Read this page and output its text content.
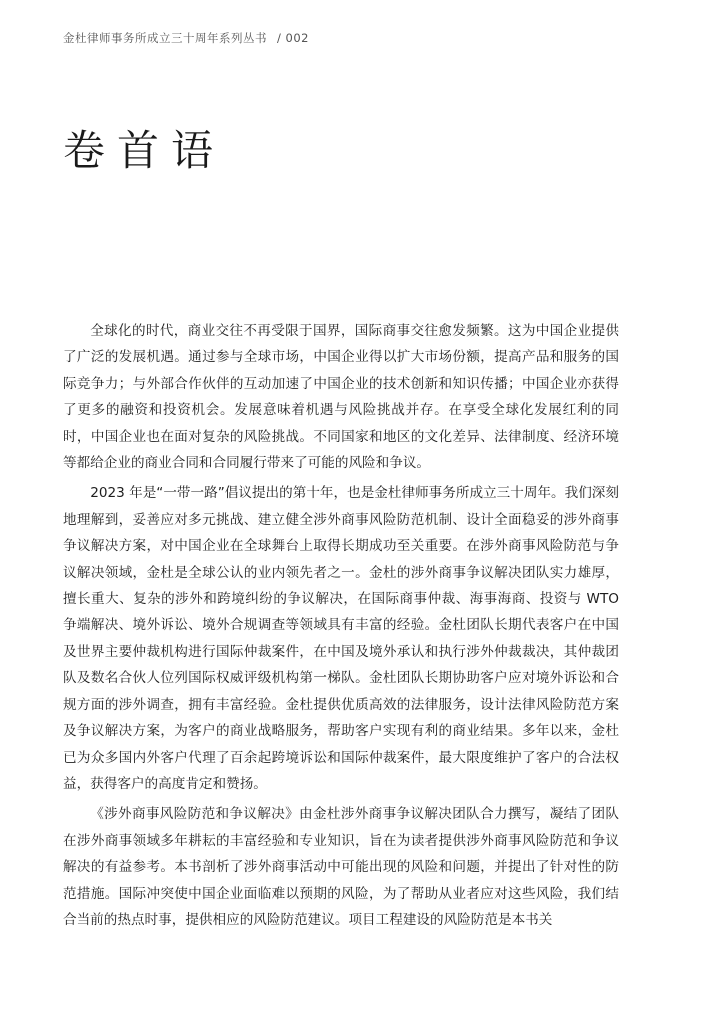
金杜律师事务所成立三十周年系列丛书 / 002
卷首语

全球化的时代，商业交往不再受限于国界，国际商事交往愈发频繁。这为中国企业提供了广泛的发展机遇。通过参与全球市场，中国企业得以扩大市场份额，提高产品和服务的国际竞争力；与外部合作伙伴的互动加速了中国企业的技术创新和知识传播；中国企业亦获得了更多的融资和投资机会。发展意味着机遇与风险挑战并存。在享受全球化发展红利的同时，中国企业也在面对复杂的风险挑战。不同国家和地区的文化差异、法律制度、经济环境等都给企业的商业合同和合同履行带来了可能的风险和争议。

2023 年是“一带一路”倡议提出的第十年，也是金杜律师事务所成立三十周年。我们深刻地理解到，妥善应对多元挑战、建立健全涉外商事风险防范机制、设计全面稳妥的涉外商事争议解决方案，对中国企业在全球舞台上取得长期成功至关重要。在涉外商事风险防范与争议解决领域，金杜是全球公认的业内领先者之一。金杜的涉外商事争议解决团队实力雄厚，擅长重大、复杂的涉外和跨境纠纷的争议解决，在国际商事仲裁、海事海商、投资与 WTO 争端解决、境外诉讼、境外合规调查等领域具有丰富的经验。金杜团队长期代表客户在中国及世界主要仲裁机构进行国际仲裁案件，在中国及境外承认和执行涉外仲裁裁决，其仲裁团队及数名合伙人位列国际权威评级机构第一梯队。金杜团队长期协助客户应对境外诉讼和合规方面的涉外调查，拥有丰富经验。金杜提供优质高效的法律服务，设计法律风险防范方案及争议解决方案，为客户的商业战略服务，帮助客户实现有利的商业结果。多年以来，金杜已为众多国内外客户代理了百余起跨境诉讼和国际仲裁案件，最大限度维护了客户的合法权益，获得客户的高度肯定和赞扬。

《涉外商事风险防范和争议解决》由金杜涉外商事争议解决团队合力撰写，凝结了团队在涉外商事领域多年耕耘的丰富经验和专业知识，旨在为读者提供涉外商事风险防范和争议解决的有益参考。本书剖析了涉外商事活动中可能出现的风险和问题，并提出了针对性的防范措施。国际冲突使中国企业面临难以预期的风险，为了帮助从业者应对这些风险，我们结合当前的热点时事，提供相应的风险防范建议。项目工程建设的风险防范是本书关
